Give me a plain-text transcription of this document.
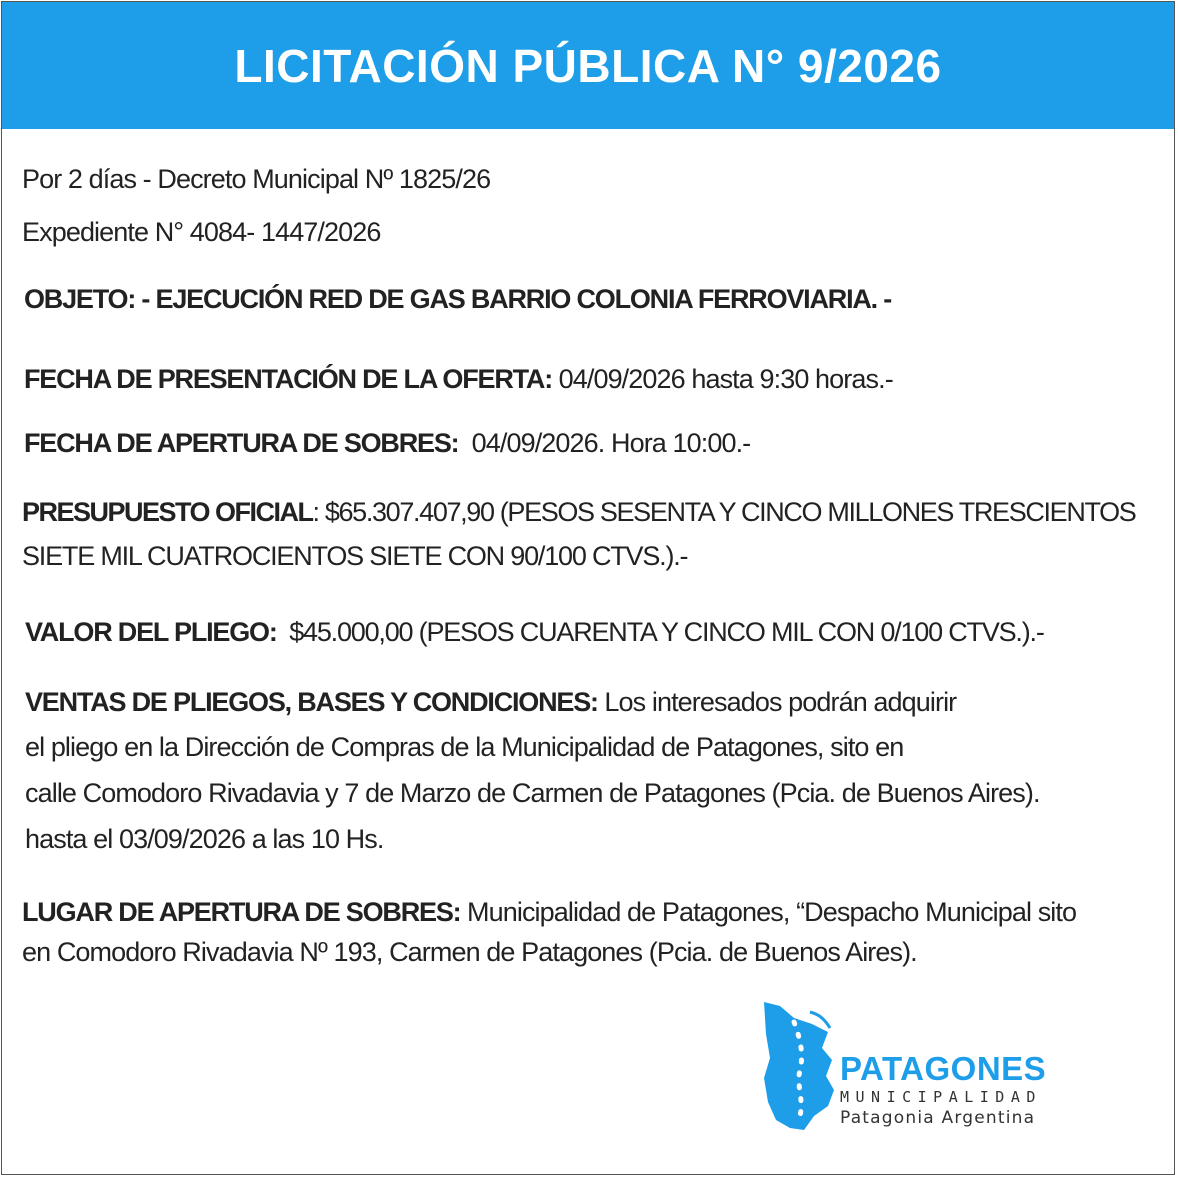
LICITACIÓN PÚBLICA N° 9/2026
Por 2 días - Decreto Municipal Nº 1825/26
Expediente N° 4084- 1447/2026
OBJETO: - EJECUCIÓN RED DE GAS BARRIO COLONIA FERROVIARIA. -
FECHA DE PRESENTACIÓN DE LA OFERTA: 04/09/2026 hasta 9:30 horas.-
FECHA DE APERTURA DE SOBRES:  04/09/2026. Hora 10:00.-
PRESUPUESTO OFICIAL: $65.307.407,90 (PESOS SESENTA Y CINCO MILLONES TRESCIENTOS
SIETE MIL CUATROCIENTOS SIETE CON 90/100 CTVS.).-
VALOR DEL PLIEGO:  $45.000,00 (PESOS CUARENTA Y CINCO MIL CON 0/100 CTVS.).-
VENTAS DE PLIEGOS, BASES Y CONDICIONES: Los interesados podrán adquirir
el pliego en la Dirección de Compras de la Municipalidad de Patagones, sito en
calle Comodoro Rivadavia y 7 de Marzo de Carmen de Patagones (Pcia. de Buenos Aires).
hasta el 03/09/2026 a las 10 Hs.
LUGAR DE APERTURA DE SOBRES: Municipalidad de Patagones, “Despacho Municipal sito
en Comodoro Rivadavia Nº 193, Carmen de Patagones (Pcia. de Buenos Aires).
PATAGONES
MUNICIPALIDAD
Patagonia Argentina
